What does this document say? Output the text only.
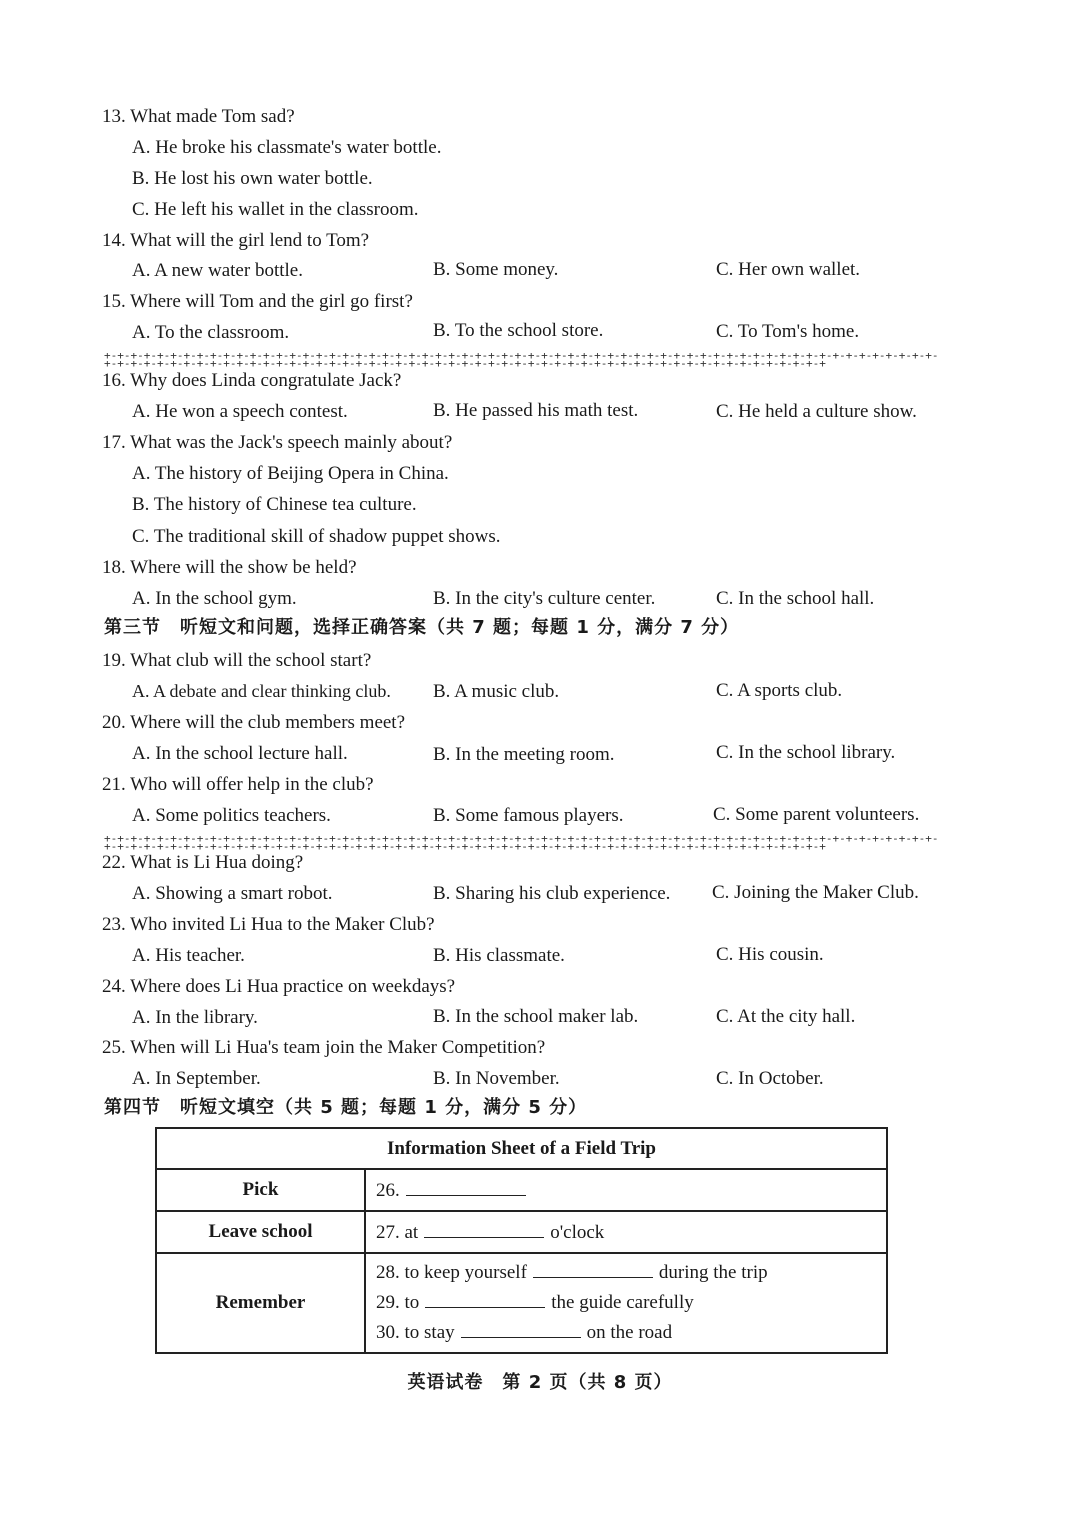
13. What made Tom sad?
A. He broke his classmate's water bottle.
B. He lost his own water bottle.
C. He left his wallet in the classroom.
14. What will the girl lend to Tom?
A. A new water bottle.	B. Some money.	C. Her own wallet.
15. Where will Tom and the girl go first?
A. To the classroom.	B. To the school store.	C. To Tom's home.
+-+-+-+-+-+-+-+-+-+-+-+-+-+-+-+-+-+-+-+-+-+-+-+-+-+-+-+-+-+-+-+-+-+-+-+-+-+-+-+-+-+-+-+-+-+-+-+-+-+-+-+-+-+-+-+-+-+-+-+-+-+-+-+-+-+-+-+-+-+-+-+-+-+-+-+-+-+-+-+-+-+-+-+-+-+-+-+-+-+-+-+-+-+-+-+-+-+-+-+-+-+-+-+-+-+-+-+-+-+-+-+-+-+-+-+-+-+
16. Why does Linda congratulate Jack?
A. He won a speech contest.	B. He passed his math test.	C. He held a culture show.
17. What was the Jack's speech mainly about?
A. The history of Beijing Opera in China.
B. The history of Chinese tea culture.
C. The traditional skill of shadow puppet shows.
18. Where will the show be held?
A. In the school gym.	B. In the city's culture center.	C. In the school hall.
第三节　听短文和问题，选择正确答案（共 7 题；每题 1 分，满分 7 分）
19. What club will the school start?
A. A debate and clear thinking club. B. A music club.	C. A sports club.
20. Where will the club members meet?
A. In the school lecture hall.	B. In the meeting room.	C. In the school library.
21. Who will offer help in the club?
A. Some politics teachers.	B. Some famous players.	C. Some parent volunteers.
+-+-+-+-+-+-+-+-+-+-+-+-+-+-+-+-+-+-+-+-+-+-+-+-+-+-+-+-+-+-+-+-+-+-+-+-+-+-+-+-+-+-+-+-+-+-+-+-+-+-+-+-+-+-+-+-+-+-+-+-+-+-+-+-+-+-+-+-+-+-+-+-+-+-+-+-+-+-+-+-+-+-+-+-+-+-+-+-+-+-+-+-+-+-+-+-+-+-+-+-+-+-+-+-+-+-+-+-+-+-+-+-+-+-+-+-+-+
22. What is Li Hua doing?
A. Showing a smart robot.	B. Sharing his club experience. C. Joining the Maker Club.
23. Who invited Li Hua to the Maker Club?
A. His teacher.	B. His classmate.	C. His cousin.
24. Where does Li Hua practice on weekdays?
A. In the library.	B. In the school maker lab.	C. At the city hall.
25. When will Li Hua's team join the Maker Competition?
A. In September.	B. In November.	C. In October.
第四节　听短文填空（共 5 题；每题 1 分，满分 5 分）
Information Sheet of a Field Trip	
Pick	26.
Leave school	27. at o'clock
Remember	28. to keep yourself during the trip
29. to the guide carefully
30. to stay on the road
英语试卷　第 2 页（共 8 页）
